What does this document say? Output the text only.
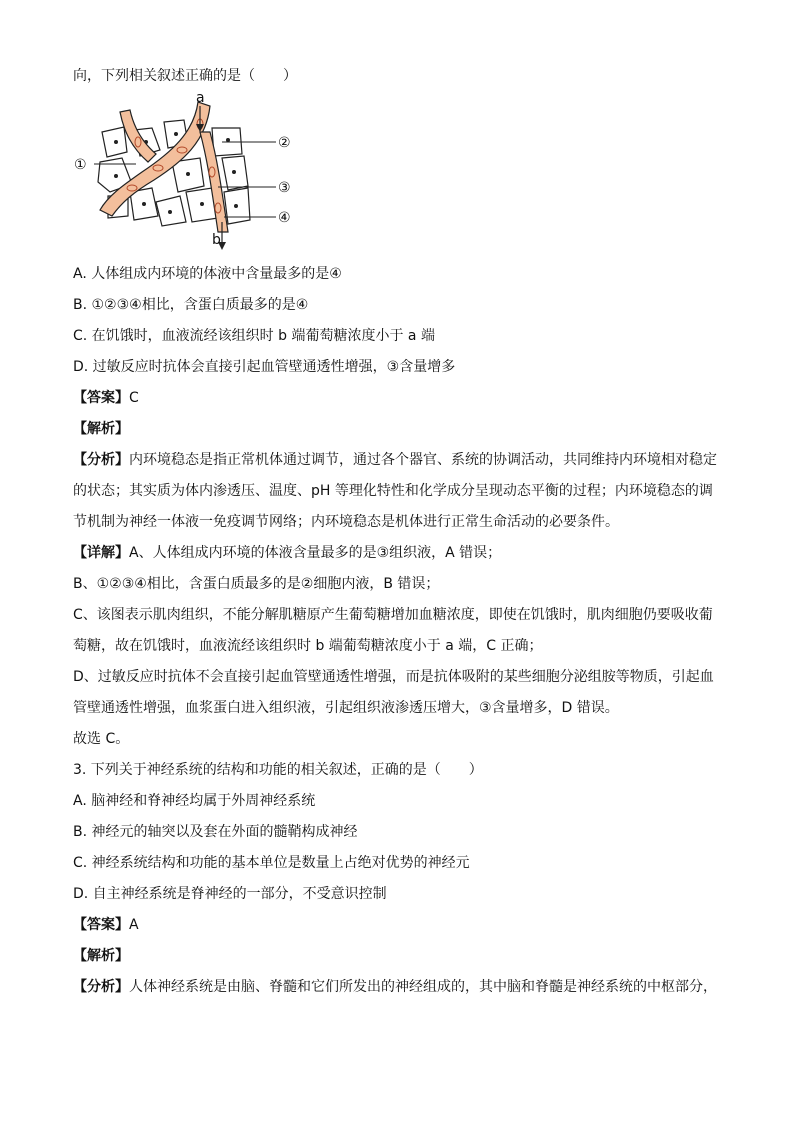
向，下列相关叙述正确的是（　　）
a
b
①
②
③
④
A. 人体组成内环境的体液中含量最多的是④
B. ①②③④相比，含蛋白质最多的是④
C. 在饥饿时，血液流经该组织时 b 端葡萄糖浓度小于 a 端
D. 过敏反应时抗体会直接引起血管壁通透性增强，③含量增多
【答案】C
【解析】
【分析】内环境稳态是指正常机体通过调节，通过各个器官、系统的协调活动，共同维持内环境相对稳定
的状态；其实质为体内渗透压、温度、pH 等理化特性和化学成分呈现动态平衡的过程；内环境稳态的调
节机制为神经一体液一免疫调节网络；内环境稳态是机体进行正常生命活动的必要条件。
【详解】A、人体组成内环境的体液含量最多的是③组织液，A 错误；
B、①②③④相比，含蛋白质最多的是②细胞内液，B 错误；
C、该图表示肌肉组织，不能分解肌糖原产生葡萄糖增加血糖浓度，即使在饥饿时，肌肉细胞仍要吸收葡
萄糖，故在饥饿时，血液流经该组织时 b 端葡萄糖浓度小于 a 端，C 正确；
D、过敏反应时抗体不会直接引起血管壁通透性增强，而是抗体吸附的某些细胞分泌组胺等物质，引起血
管壁通透性增强，血浆蛋白进入组织液，引起组织液渗透压增大，③含量增多，D 错误。
故选 C。
3. 下列关于神经系统的结构和功能的相关叙述，正确的是（　　）
A. 脑神经和脊神经均属于外周神经系统
B. 神经元的轴突以及套在外面的髓鞘构成神经
C. 神经系统结构和功能的基本单位是数量上占绝对优势的神经元
D. 自主神经系统是脊神经的一部分，不受意识控制
【答案】A
【解析】
【分析】人体神经系统是由脑、脊髓和它们所发出的神经组成的，其中脑和脊髓是神经系统的中枢部分，
